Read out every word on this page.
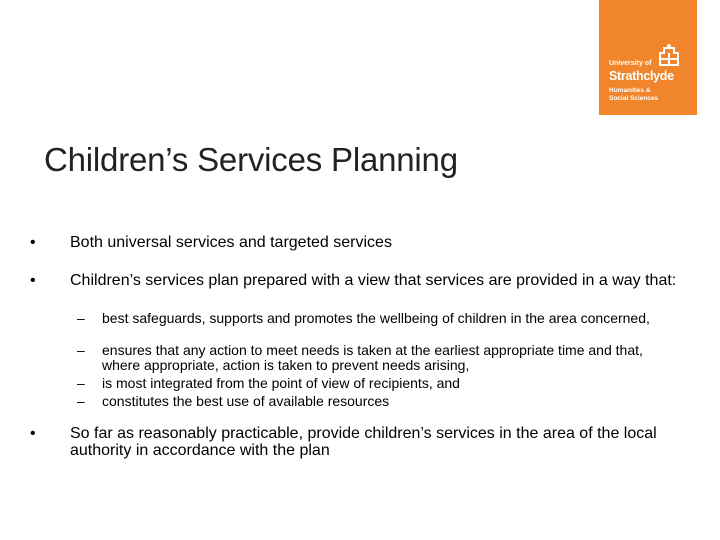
University of
Strathclyde
Humanities &
Social Sciences
Children’s Services Planning
• Both universal services and targeted services
• Children’s services plan prepared with a view that services are provided in a way that:
– best safeguards, supports and promotes the wellbeing of children in the area concerned,
– ensures that any action to meet needs is taken at the earliest appropriate time and that, where appropriate, action is taken to prevent needs arising,
– is most integrated from the point of view of recipients, and
– constitutes the best use of available resources
• So far as reasonably practicable, provide children’s services in the area of the local authority in accordance with the plan
